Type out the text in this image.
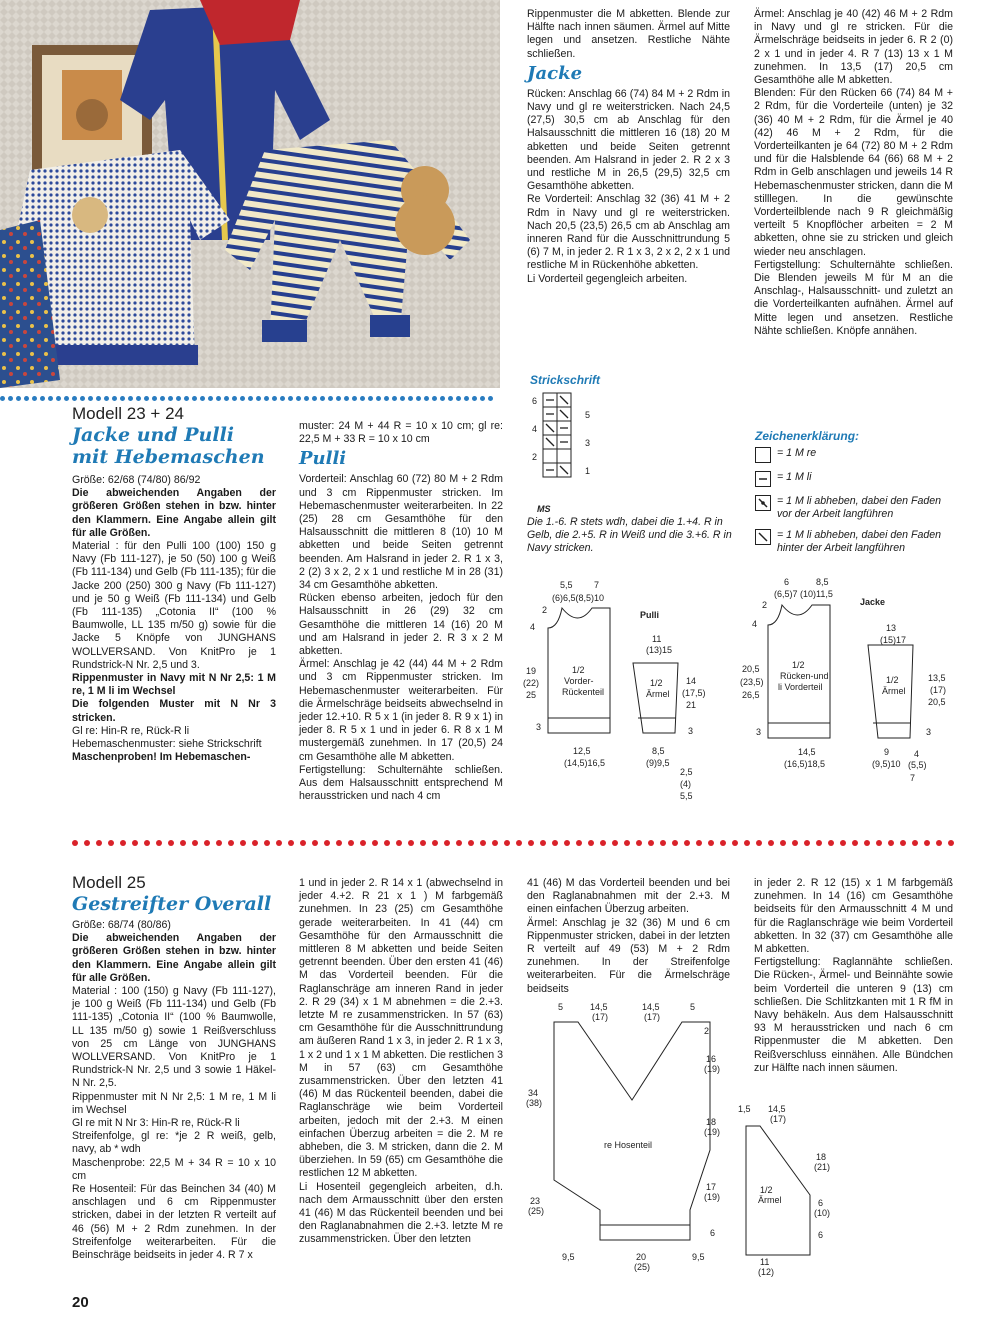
Modell 23 + 24
Jacke und Pulli
mit Hebemaschen

Größe: 62/68 (74/80) 86/92

Die abweichenden Angaben der größeren Größen stehen in bzw. hinter den Klammern. Eine Angabe allein gilt für alle Größen.

Material : für den Pulli 100 (100) 150 g Navy (Fb 111-127), je 50 (50) 100 g Weiß (Fb 111-134) und Gelb (Fb 111-135); für die Jacke 200 (250) 300 g Navy (Fb 111-127) und je 50 g Weiß (Fb 111-134) und Gelb (Fb 111-135) „Cotonia II“ (100 % Baumwolle, LL 135 m/50 g) sowie für die Jacke 5 Knöpfe von JUNGHANS WOLLVERSAND. Von KnitPro je 1 Rundstrick-N Nr. 2,5 und 3.

Rippenmuster in Navy mit N Nr 2,5: 1 M re, 1 M li im Wechsel

Die folgenden Muster mit N Nr 3 stricken.

Gl re: Hin-R re, Rück-R li

Hebemaschenmuster: siehe Strickschrift

Maschenproben! Im Hebemaschen-

muster: 24 M + 44 R = 10 x 10 cm; gl re: 22,5 M + 33 R = 10 x 10 cm

Pulli

Vorderteil: Anschlag 60 (72) 80 M + 2 Rdm und 3 cm Rippenmuster stricken. Im Hebemaschenmuster weiterarbeiten. In 22 (25) 28 cm Gesamthöhe für den Halsausschnitt die mittleren 8 (10) 10 M abketten und beide Seiten getrennt beenden. Am Halsrand in jeder 2. R 1 x 3, 2 (2) 3 x 2, 2 x 1 und restliche M in 28 (31) 34 cm Gesamthöhe abketten.

Rücken ebenso arbeiten, jedoch für den Halsausschnitt in 26 (29) 32 cm Gesamthöhe die mittleren 14 (16) 20 M und am Halsrand in jeder 2. R 3 x 2 M abketten.

Ärmel: Anschlag je 42 (44) 44 M + 2 Rdm und 3 cm Rippenmuster stricken. Im Hebemaschenmuster weiterarbeiten. Für die Ärmelschräge beidseits abwechselnd in jeder 12.+10. R 5 x 1 (in jeder 8. R 9 x 1) in jeder 8. R 5 x 1 und in jeder 6. R 8 x 1 M mustergemäß zunehmen. In 17 (20,5) 24 cm Gesamthöhe alle M abketten.

Fertigstellung: Schulternähte schließen. Aus dem Halsausschnitt entsprechend M herausstricken und nach 4 cm

Rippenmuster die M abketten. Blende zur Hälfte nach innen säumen. Ärmel auf Mitte legen und ansetzen. Restliche Nähte schließen.

Jacke

Rücken: Anschlag 66 (74) 84 M + 2 Rdm in Navy und gl re weiterstricken. Nach 24,5 (27,5) 30,5 cm ab Anschlag für den Halsausschnitt die mittleren 16 (18) 20 M abketten und beide Seiten getrennt beenden. Am Halsrand in jeder 2. R 2 x 3 und restliche M in 26,5 (29,5) 32,5 cm Gesamthöhe abketten.

Re Vorderteil: Anschlag 32 (36) 41 M + 2 Rdm in Navy und gl re weiterstricken. Nach 20,5 (23,5) 26,5 cm ab Anschlag am inneren Rand für die Ausschnittrundung 5 (6) 7 M, in jeder 2. R 1 x 3, 2 x 2, 2 x 1 und restliche M in Rückenhöhe abketten.

Li Vorderteil gegengleich arbeiten.

Ärmel: Anschlag je 40 (42) 46 M + 2 Rdm in Navy und gl re stricken. Für die Ärmelschräge beidseits in jeder 6. R 2 (0) 2 x 1 und in jeder 4. R 7 (13) 13 x 1 M zunehmen. In 13,5 (17) 20,5 cm Gesamthöhe alle M abketten.

Blenden: Für den Rücken 66 (74) 84 M + 2 Rdm, für die Vorderteile (unten) je 32 (36) 40 M + 2 Rdm, für die Ärmel je 40 (42) 46 M + 2 Rdm, für die Vorderteilkanten je 64 (72) 80 M + 2 Rdm und für die Halsblende 64 (66) 68 M + 2 Rdm in Gelb anschlagen und jeweils 14 R Hebemaschenmuster stricken, dann die M stilllegen. In die gewünschte Vorderteilblende nach 9 R gleichmäßig verteilt 5 Knopflöcher arbeiten = 2 M abketten, ohne sie zu stricken und gleich wieder neu anschlagen.

Fertigstellung: Schulternähte schließen. Die Blenden jeweils M für M an die Anschlag-, Halsausschnitt- und zuletzt an die Vorderteilkanten aufnähen. Ärmel auf Mitte legen und ansetzen. Restliche Nähte schließen. Knöpfe annähen.

Strickschrift
6
4
2
5
3
1
MS
Die 1.-6. R stets wdh, dabei die 1.+4. R in Gelb, die 2.+5. R in Weiß und die 3.+6. R in Navy stricken.
Zeichenerklärung:
= 1 M re
= 1 M li
= 1 M li abheben, dabei den Faden vor der Arbeit langführen
= 1 M li abheben, dabei den Faden hinter der Arbeit langführen
Pulli
1/2
Vorder-
Rückenteil
1/2
Ärmel
5,5 7
(6)6,5(8,5)10
2
4
19
(22)
25
3
12,5
(14,5)16,5
11
(13)15
14
(17,5)
21
3
8,5
(9)9,5
2,5
(4)
5,5
Jacke
1/2
Rücken-und
li Vorderteil
1/2
Ärmel
6	8,5
(6,5)7 (10)11,5
2
4
20,5
(23,5)
26,5
3
14,5
(16,5)18,5
13
(15)17
13,5
(17)
20,5
3
9
(9,5)10
4
(5,5)
7
Modell 25
Gestreifter Overall

Größe: 68/74 (80/86)

Die abweichenden Angaben der größeren Größen stehen in bzw. hinter den Klammern. Eine Angabe allein gilt für alle Größen.

Material : 100 (150) g Navy (Fb 111-127), je 100 g Weiß (Fb 111-134) und Gelb (Fb 111-135) „Cotonia II“ (100 % Baumwolle, LL 135 m/50 g) sowie 1 Reißverschluss von 25 cm Länge von JUNGHANS WOLLVERSAND. Von KnitPro je 1 Rundstrick-N Nr. 2,5 und 3 sowie 1 Häkel-N Nr. 2,5.

Rippenmuster mit N Nr 2,5: 1 M re, 1 M li im Wechsel

Gl re mit N Nr 3: Hin-R re, Rück-R li

Streifenfolge, gl re: *je 2 R weiß, gelb, navy, ab * wdh

Maschenprobe: 22,5 M + 34 R = 10 x 10 cm

Re Hosenteil: Für das Beinchen 34 (40) M anschlagen und 6 cm Rippenmuster stricken, dabei in der letzten R verteilt auf 46 (56) M + 2 Rdm zunehmen. In der Streifenfolge weiterarbeiten. Für die Beinschräge beidseits in jeder 4. R 7 x

1 und in jeder 2. R 14 x 1 (abwechselnd in jeder 4.+2. R 21 x 1 ) M farbgemäß zunehmen. In 23 (25) cm Gesamthöhe gerade weiterarbeiten. In 41 (44) cm Gesamthöhe für den Armausschnitt die mittleren 8 M abketten und beide Seiten getrennt beenden. Über den ersten 41 (46) M das Vorderteil beenden. Für die Raglanschräge am inneren Rand in jeder 2. R 29 (34) x 1 M abnehmen = die 2.+3. letzte M re zusammenstricken. In 57 (63) cm Gesamthöhe für die Ausschnittrundung am äußeren Rand 1 x 3, in jeder 2. R 1 x 3, 1 x 2 und 1 x 1 M abketten. Die restlichen 3 M in 57 (63) cm Gesamthöhe zusammenstricken. Über den letzten 41 (46) M das Rückenteil beenden, dabei die Raglanschräge wie beim Vorderteil arbeiten, jedoch mit der 2.+3. M einen einfachen Überzug arbeiten = die 2. M re abheben, die 3. M stricken, dann die 2. M überziehen. In 59 (65) cm Gesamthöhe die restlichen 12 M abketten.

Li Hosenteil gegengleich arbeiten, d.h. nach dem Armausschnitt über den ersten 41 (46) M das Rückenteil beenden und bei den Raglanabnahmen die 2.+3. letzte M re zusammenstricken. Über den letzten

41 (46) M das Vorderteil beenden und bei den Raglanabnahmen mit der 2.+3. M einen einfachen Überzug arbeiten.

Ärmel: Anschlag je 32 (36) M und 6 cm Rippenmuster stricken, dabei in der letzten R verteilt auf 49 (53) M + 2 Rdm zunehmen. In der Streifenfolge weiterarbeiten. Für die Ärmelschräge beidseits

in jeder 2. R 12 (15) x 1 M farbgemäß zunehmen. In 14 (16) cm Gesamthöhe beidseits für den Armausschnitt 4 M und für die Raglanschräge wie beim Vorderteil abketten. In 32 (37) cm Gesamthöhe alle M abketten.

Fertigstellung: Raglannähte schließen. Die Rücken-, Ärmel- und Beinnähte sowie beim Vorderteil die unteren 9 (13) cm schließen. Die Schlitzkanten mit 1 R fM in Navy behäkeln. Aus dem Halsausschnitt 93 M herausstricken und nach 6 cm Rippenmuster die M abketten. Den Reißverschluss einnähen. Alle Bündchen zur Hälfte nach innen säumen.

5	14,5
(17)
14,5
(17)
5
34
(38)
23
(25)
re Hosenteil
2
16
(19)
18
(19)
17
(19)
6
9,5	20
(25)
9,5
1,5 14,5
(17)
1/2
Ärmel
18
(21)
6
(10)
6
11
(12)
20
